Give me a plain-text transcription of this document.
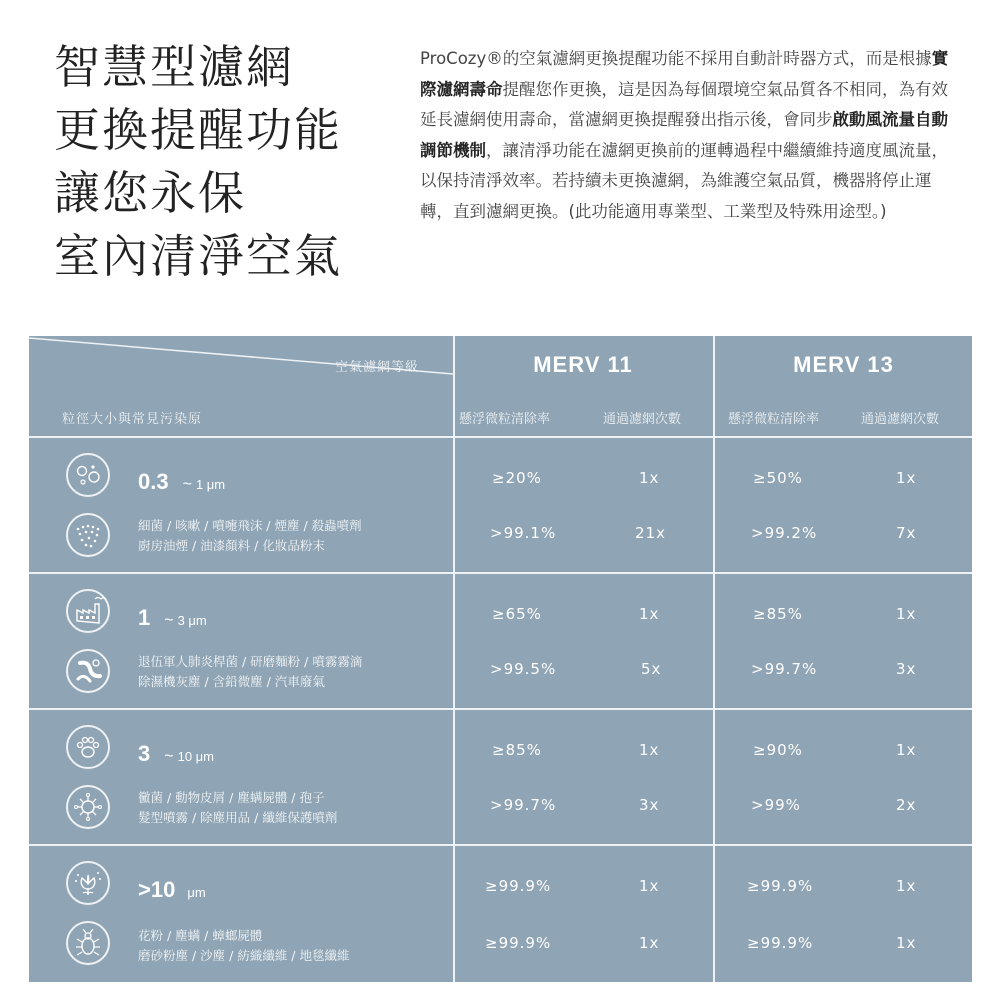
智慧型濾網
更換提醒功能
讓您永保
室內清淨空氣

ProCozy®的空氣濾網更換提醒功能不採用自動計時器方式，而是根據實際濾網壽命提醒您作更換，這是因為每個環境空氣品質各不相同，為有效延長濾網使用壽命，當濾網更換提醒發出指示後，會同步啟動風流量自動調節機制，讓清淨功能在濾網更換前的運轉過程中繼續維持適度風流量，以保持清淨效率。若持續未更換濾網，為維護空氣品質，機器將停止運轉，直到濾網更換。(此功能適用專業型、工業型及特殊用途型。)

空氣濾網等級
粒徑大小與常見污染原
MERV 11	MERV 13
懸浮微粒清除率	通過濾網次數	懸浮微粒清除率	通過濾網次數
0.3 ~ 1 μm
細菌 / 咳嗽 / 噴嚏飛沫 / 煙塵 / 殺蟲噴劑
廚房油煙 / 油漆顏料 / 化妝品粉末
≥20%	1x	≥50%	1x
>99.1%	21x	>99.2%	7x
1 ~ 3 μm
退伍軍人肺炎桿菌 / 研磨麵粉 / 噴霧霧滴
除濕機灰塵 / 含鉛微塵 / 汽車廢氣
≥65%	1x	≥85%	1x
>99.5%	5x	>99.7%	3x
3 ~ 10 μm
黴菌 / 動物皮屑 / 塵螨屍體 / 孢子
髮型噴霧 / 除塵用品 / 纖維保護噴劑
≥85%	1x	≥90%	1x
>99.7%	3x	>99%	2x
>10 μm
花粉 / 塵螨 / 蟑螂屍體
磨砂粉塵 / 沙塵 / 紡織纖維 / 地毯纖維
≥99.9%	1x	≥99.9%	1x
≥99.9%	1x	≥99.9%	1x
